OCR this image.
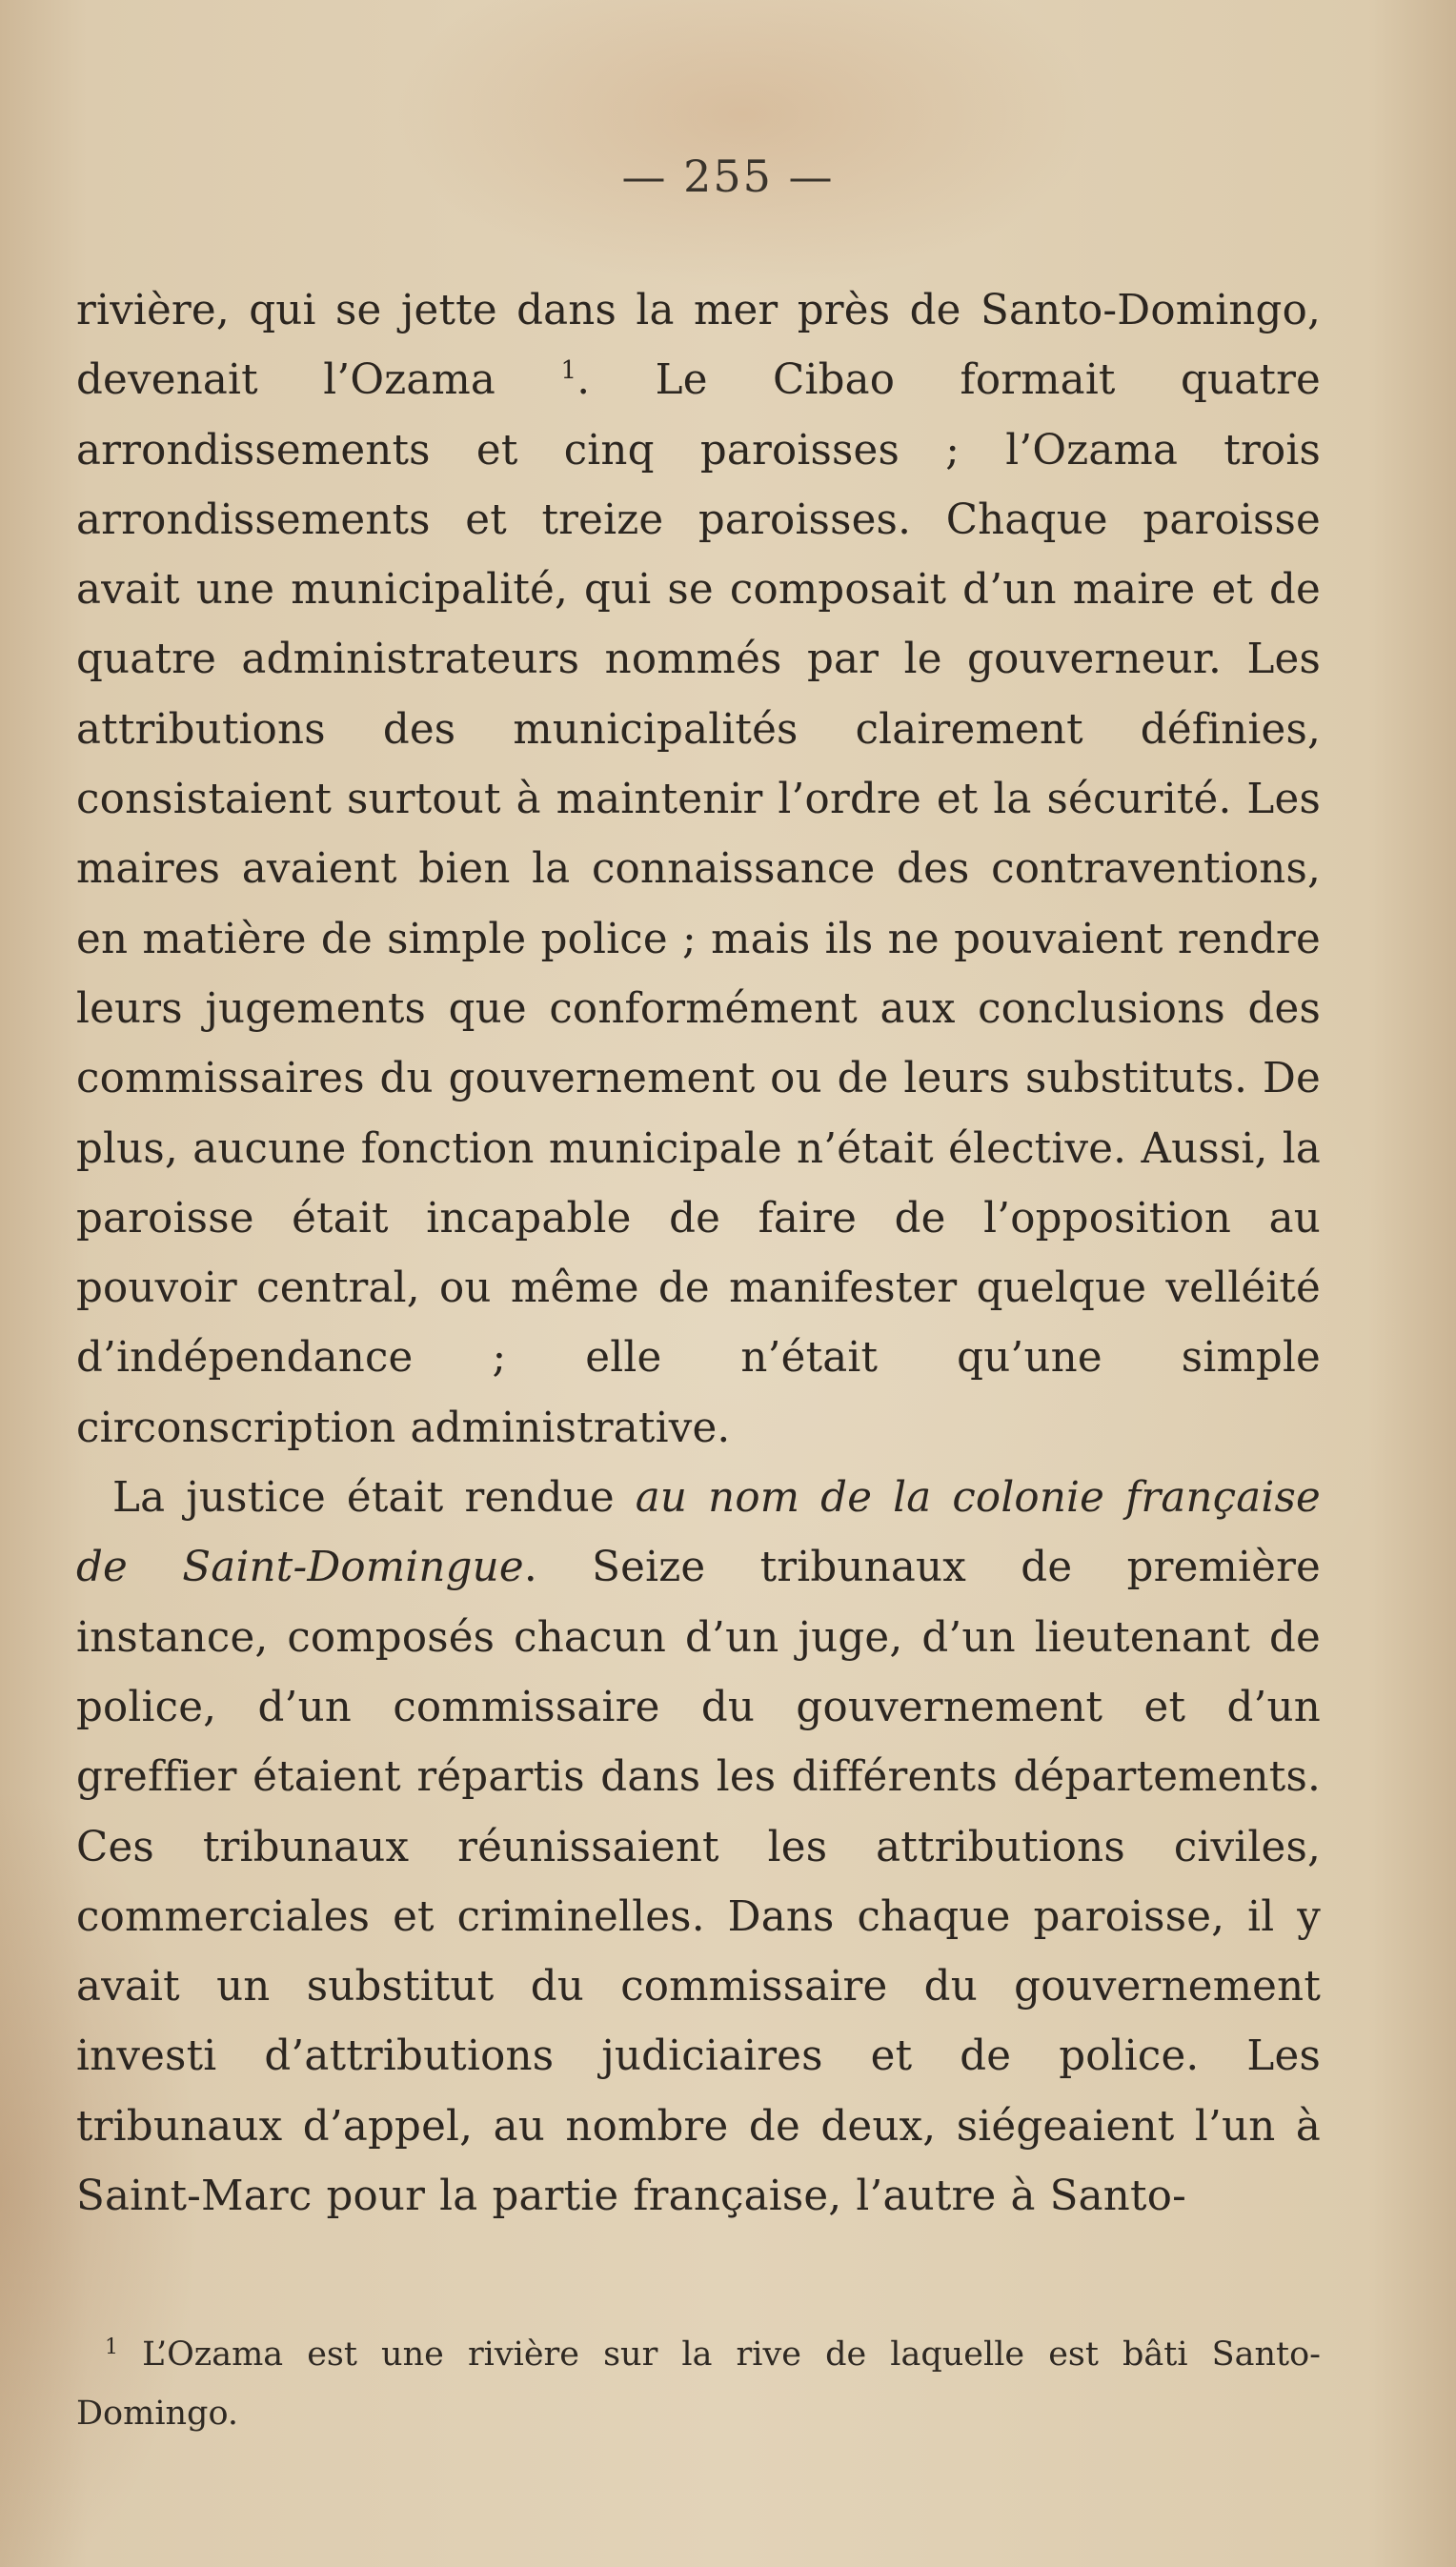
— 255 —

rivière, qui se jette dans la mer près de Santo-Domingo, devenait l’Ozama $^1$. Le Cibao formait quatre arrondissements et cinq paroisses ; l’Ozama trois arrondissements et treize paroisses. Chaque paroisse avait une municipalité, qui se composait d’un maire et de quatre administrateurs nommés par le gouverneur. Les attributions des municipalités clairement définies, consistaient surtout à maintenir l’ordre et la sécurité. Les maires avaient bien la connaissance des contraventions, en matière de simple police ; mais ils ne pouvaient rendre leurs jugements que conformément aux conclusions des commissaires du gouvernement ou de leurs substituts. De plus, aucune fonction municipale n’était élective. Aussi, la paroisse était incapable de faire de l’opposition au pouvoir central, ou même de manifester quelque velléité d’indépendance ; elle n’était qu’une simple circonscription administrative.

La justice était rendue au nom de la colonie française de Saint-Domingue. Seize tribunaux de première instance, composés chacun d’un juge, d’un lieutenant de police, d’un commissaire du gouvernement et d’un greffier étaient répartis dans les différents départements. Ces tribunaux réunissaient les attributions civiles, commerciales et criminelles. Dans chaque paroisse, il y avait un substitut du commissaire du gouvernement investi d’attributions judiciaires et de police. Les tribunaux d’appel, au nombre de deux, siégeaient l’un à Saint-Marc pour la partie française, l’autre à Santo-

$^1$ L’Ozama est une rivière sur la rive de laquelle est bâti Santo-Domingo.
